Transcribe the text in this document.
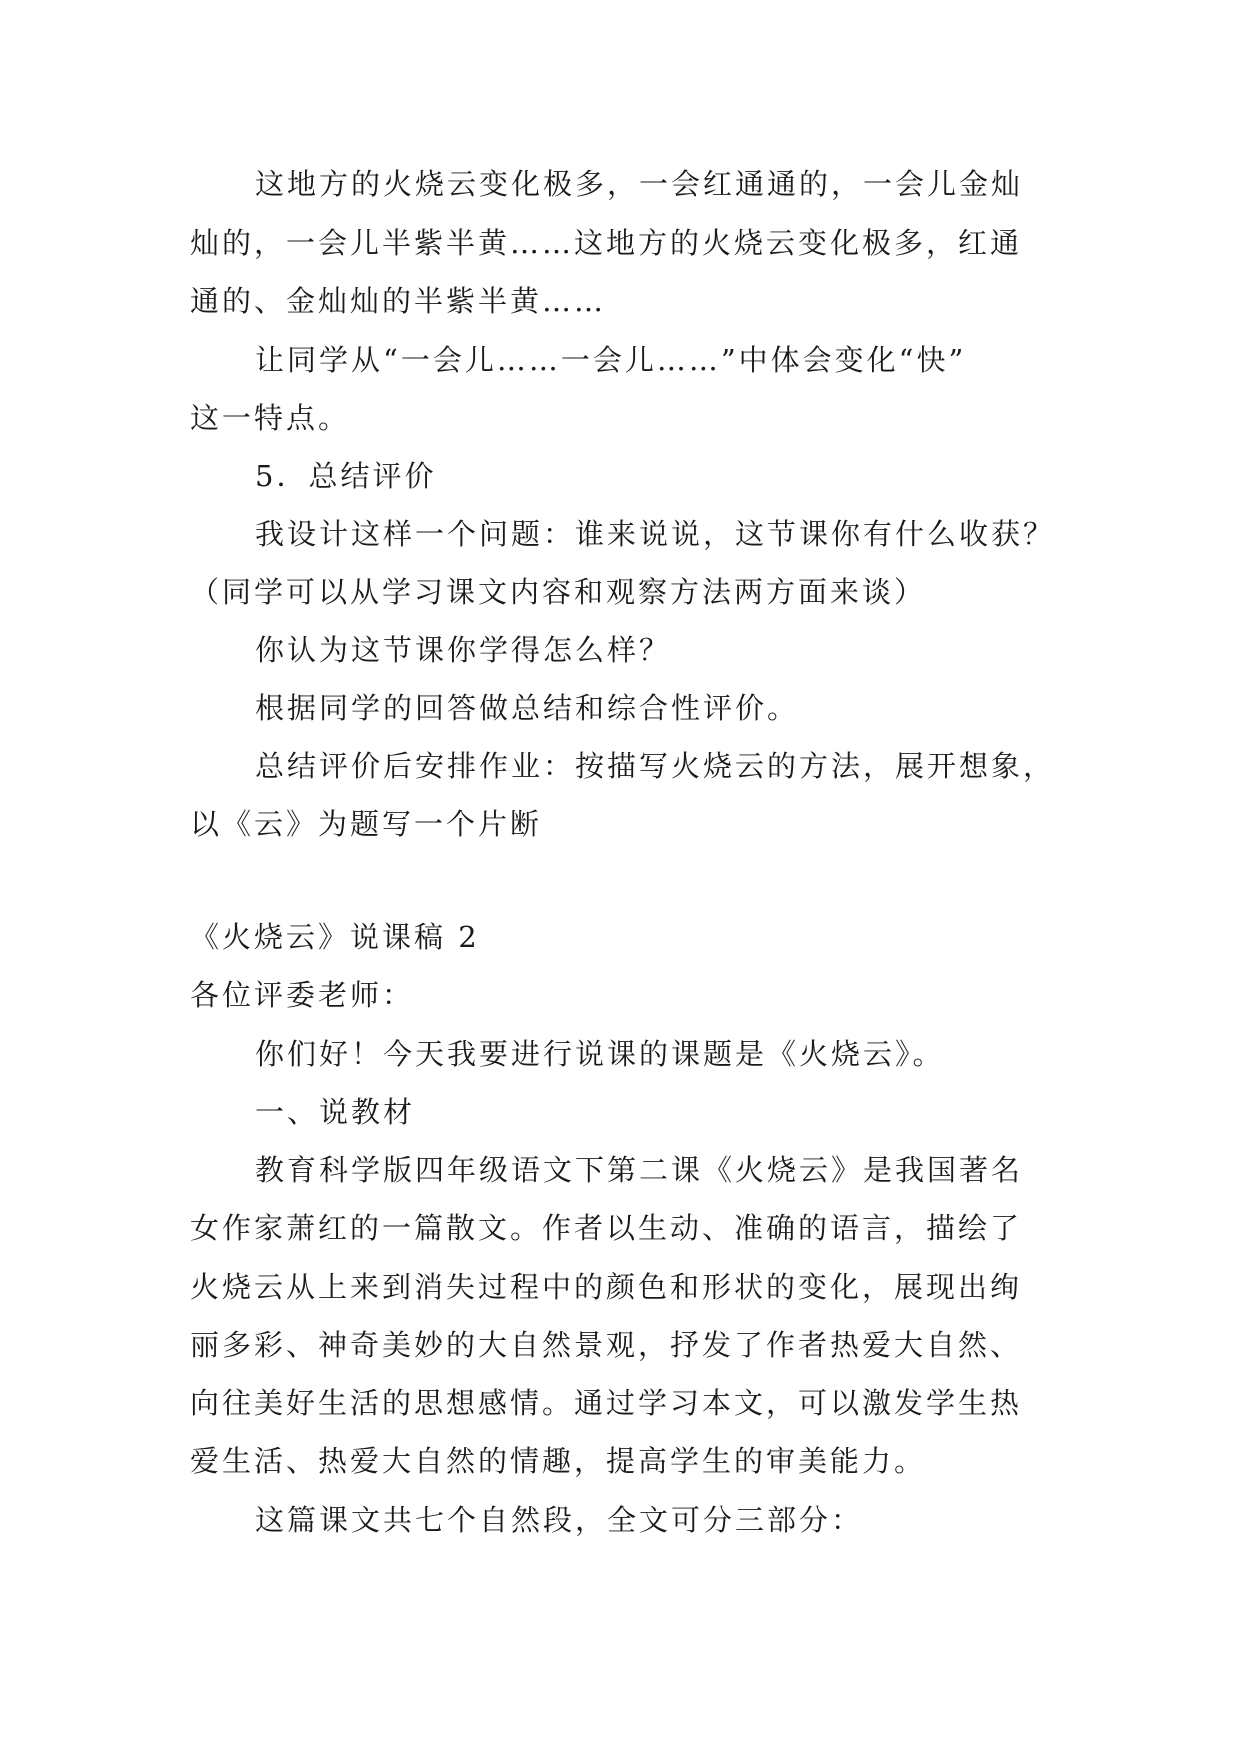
这地方的火烧云变化极多，一会红通通的，一会儿金灿
灿的，一会儿半紫半黄……这地方的火烧云变化极多，红通
通的、金灿灿的半紫半黄……
让同学从“一会儿……一会儿……”中体会变化“快”
这一特点。
5．总结评价
我设计这样一个问题：谁来说说，这节课你有什么收获？
（同学可以从学习课文内容和观察方法两方面来谈）
你认为这节课你学得怎么样？
根据同学的回答做总结和综合性评价。
总结评价后安排作业：按描写火烧云的方法，展开想象，
以《云》为题写一个片断
《火烧云》说课稿 2
各位评委老师：
你们好！今天我要进行说课的课题是《火烧云》。
一、说教材
教育科学版四年级语文下第二课《火烧云》是我国著名
女作家萧红的一篇散文。作者以生动、准确的语言，描绘了
火烧云从上来到消失过程中的颜色和形状的变化，展现出绚
丽多彩、神奇美妙的大自然景观，抒发了作者热爱大自然、
向往美好生活的思想感情。通过学习本文，可以激发学生热
爱生活、热爱大自然的情趣，提高学生的审美能力。
这篇课文共七个自然段，全文可分三部分：
